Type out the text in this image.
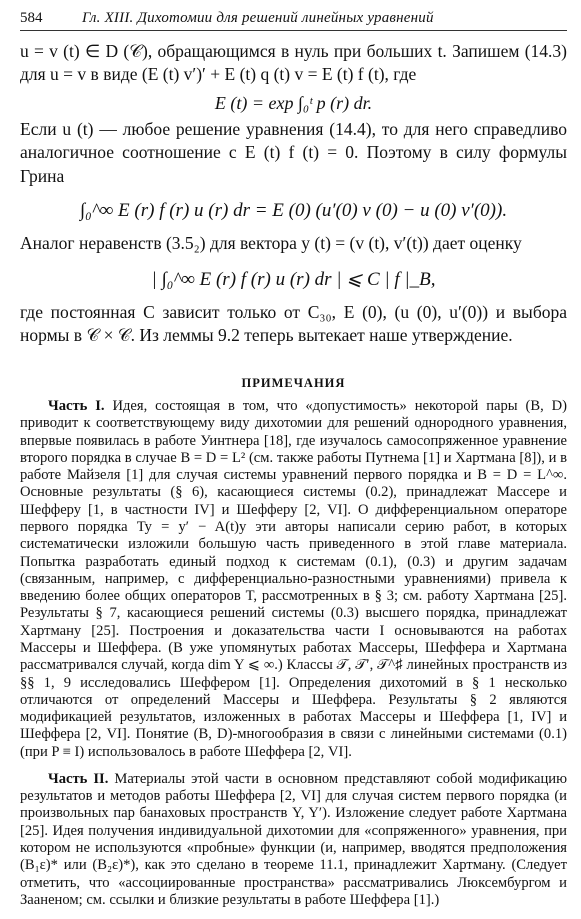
584	Гл. XIII. Дихотомии для решений линейных уравнений

u = v (t) ∈ D (𝒞), обращающимся в нуль при больших t. Запишем (14.3) для u = v в виде (E (t) v′)′ + E (t) q (t) v = E (t) f (t), где

E (t) = exp ∫₀ᵗ p (r) dr.

Если u (t) — любое решение уравнения (14.4), то для него справедливо аналогичное соотношение с E (t) f (t) = 0. Поэтому в силу формулы Грина

∫₀^∞ E (r) f (r) u (r) dr = E (0) (u′(0) v (0) − u (0) v′(0)).

Аналог неравенств (3.5₂) для вектора y (t) = (v (t), v′(t)) дает оценку

| ∫₀^∞ E (r) f (r) u (r) dr | ⩽ C | f |_B,

где постоянная C зависит только от C₃₀, E (0), (u (0), u′(0)) и выбора нормы в 𝒞 × 𝒞. Из леммы 9.2 теперь вытекает наше утверждение.

ПРИМЕЧАНИЯ

Часть I. Идея, состоящая в том, что «допустимость» некоторой пары (B, D) приводит к соответствующему виду дихотомии для решений однородного уравнения, впервые появилась в работе Уинтнера [18], где изучалось самосопряженное уравнение второго порядка в случае B = D = L² (см. также работы Путнема [1] и Хартмана [8]), и в работе Майзеля [1] для случая системы уравнений первого порядка и B = D = L^∞. Основные результаты (§ 6), касающиеся системы (0.2), принадлежат Массере и Шефферу [1, в частности IV] и Шефферу [2, VI]. О дифференциальном операторе первого порядка Ty = y′ − A(t)y эти авторы написали серию работ, в которых систематически изложили большую часть приведенного в этой главе материала. Попытка разработать единый подход к системам (0.1), (0.3) и другим задачам (связанным, например, с дифференциально-разностными уравнениями) привела к введению более общих операторов T, рассмотренных в § 3; см. работу Хартмана [25]. Результаты § 7, касающиеся решений системы (0.3) высшего порядка, принадлежат Хартману [25]. Построения и доказательства части I основываются на работах Массеры и Шеффера. (В уже упомянутых работах Массеры, Шеффера и Хартмана рассматривался случай, когда dim Y ⩽ ∞.) Классы 𝒯, 𝒯′, 𝒯^♯ линейных пространств из §§ 1, 9 исследовались Шеффером [1]. Определения дихотомий в § 1 несколько отличаются от определений Массеры и Шеффера. Результаты § 2 являются модификацией результатов, изложенных в работах Массеры и Шеффера [1, IV] и Шеффера [2, VI]. Понятие (B, D)-многообразия в связи с линейными системами (0.1) (при P ≡ I) использовалось в работе Шеффера [2, VI].

Часть II. Материалы этой части в основном представляют собой модификацию результатов и методов работы Шеффера [2, VI] для случая систем первого порядка (и произвольных пар банаховых пространств Y, Y′). Изложение следует работе Хартмана [25]. Идея получения индивидуальной дихотомии для «сопряженного» уравнения, при котором не используются «пробные» функции (и, например, вводятся предположения (B₁ε)* или (B₂ε)*), как это сделано в теореме 11.1, принадлежит Хартману. (Следует отметить, что «ассоциированные пространства» рассматривались Люксембургом и Зааненом; см. ссылки и близкие результаты в работе Шеффера [1].)
